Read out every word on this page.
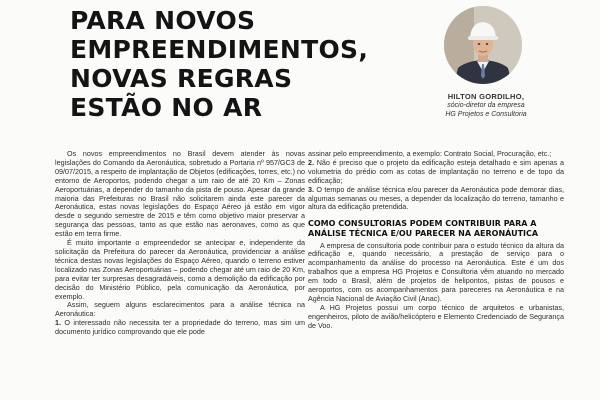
PARA NOVOS
EMPREENDIMENTOS,
NOVAS REGRAS
ESTÃO NO AR	HILTON GORDILHO,
sócio-diretor da empresa
HG Projetos e Consultoria

Os novos empreendimentos no Brasil devem atender às novas legislações do Comando da Aeronáutica, sobretudo a Portaria nº 957/GC3 de 09/07/2015, a respeito de implantação de Objetos (edificações, torres, etc.) no entorno de Aeroportos, podendo chegar a um raio de até 20 Km – Zonas Aeroportuárias, a depender do tamanho da pista de pouso. Apesar da grande maioria das Prefeituras no Brasil não solicitarem ainda este parecer da Aeronáutica, estas novas legislações do Espaço Aéreo já estão em vigor desde o segundo semestre de 2015 e têm como objetivo maior preservar a segurança das pessoas, tanto as que estão nas aeronaves, como as que estão em terra firme.

É muito importante o empreendedor se antecipar e, independente da solicitação da Prefeitura do parecer da Aeronáutica, providenciar a análise técnica destas novas legislações do Espaço Aéreo, quando o terreno estiver localizado nas Zonas Aeroportuárias – podendo chegar até um raio de 20 Km, para evitar ter surpresas desagradáveis, como a demolição da edificação por decisão do Ministério Público, pela comunicação da Aeronáutica, por exemplo.

Assim, seguem alguns esclarecimentos para a análise técnica na Aeronáutica:

1. O interessado não necessita ter a propriedade do terreno, mas sim um documento jurídico comprovando que ele pode

assinar pelo empreendimento, a exemplo: Contrato Social, Procuração, etc.;

2. Não é preciso que o projeto da edificação esteja detalhado e sim apenas a volumetria do prédio com as cotas de implantação no terreno e de topo da edificação;

3. O tempo de análise técnica e/ou parecer da Aeronáutica pode demorar dias, algumas semanas ou meses, a depender da localização do terreno, tamanho e altura da edificação pretendida.

COMO CONSULTORIAS PODEM CONTRIBUIR PARA A ANÁLISE TÉCNICA E/OU PARECER NA AERONÁUTICA

A empresa de consultoria pode contribuir para o estudo técnico da altura da edificação e, quando necessário, a prestação de serviço para o acompanhamento da análise do processo na Aeronáutica. Este é um dos trabalhos que a empresa HG Projetos e Consultoria vêm atuando no mercado em todo o Brasil, além de projetos de helipontos, pistas de pousos e aeroportos, com os acompanhamentos para pareceres na Aeronáutica e na Agência Nacional de Aviação Civil (Anac).

A HG Projetos possui um corpo técnico de arquitetos e urbanistas, engenheiros, piloto de avião/helicóptero e Elemento Credenciado de Segurança de Voo.
